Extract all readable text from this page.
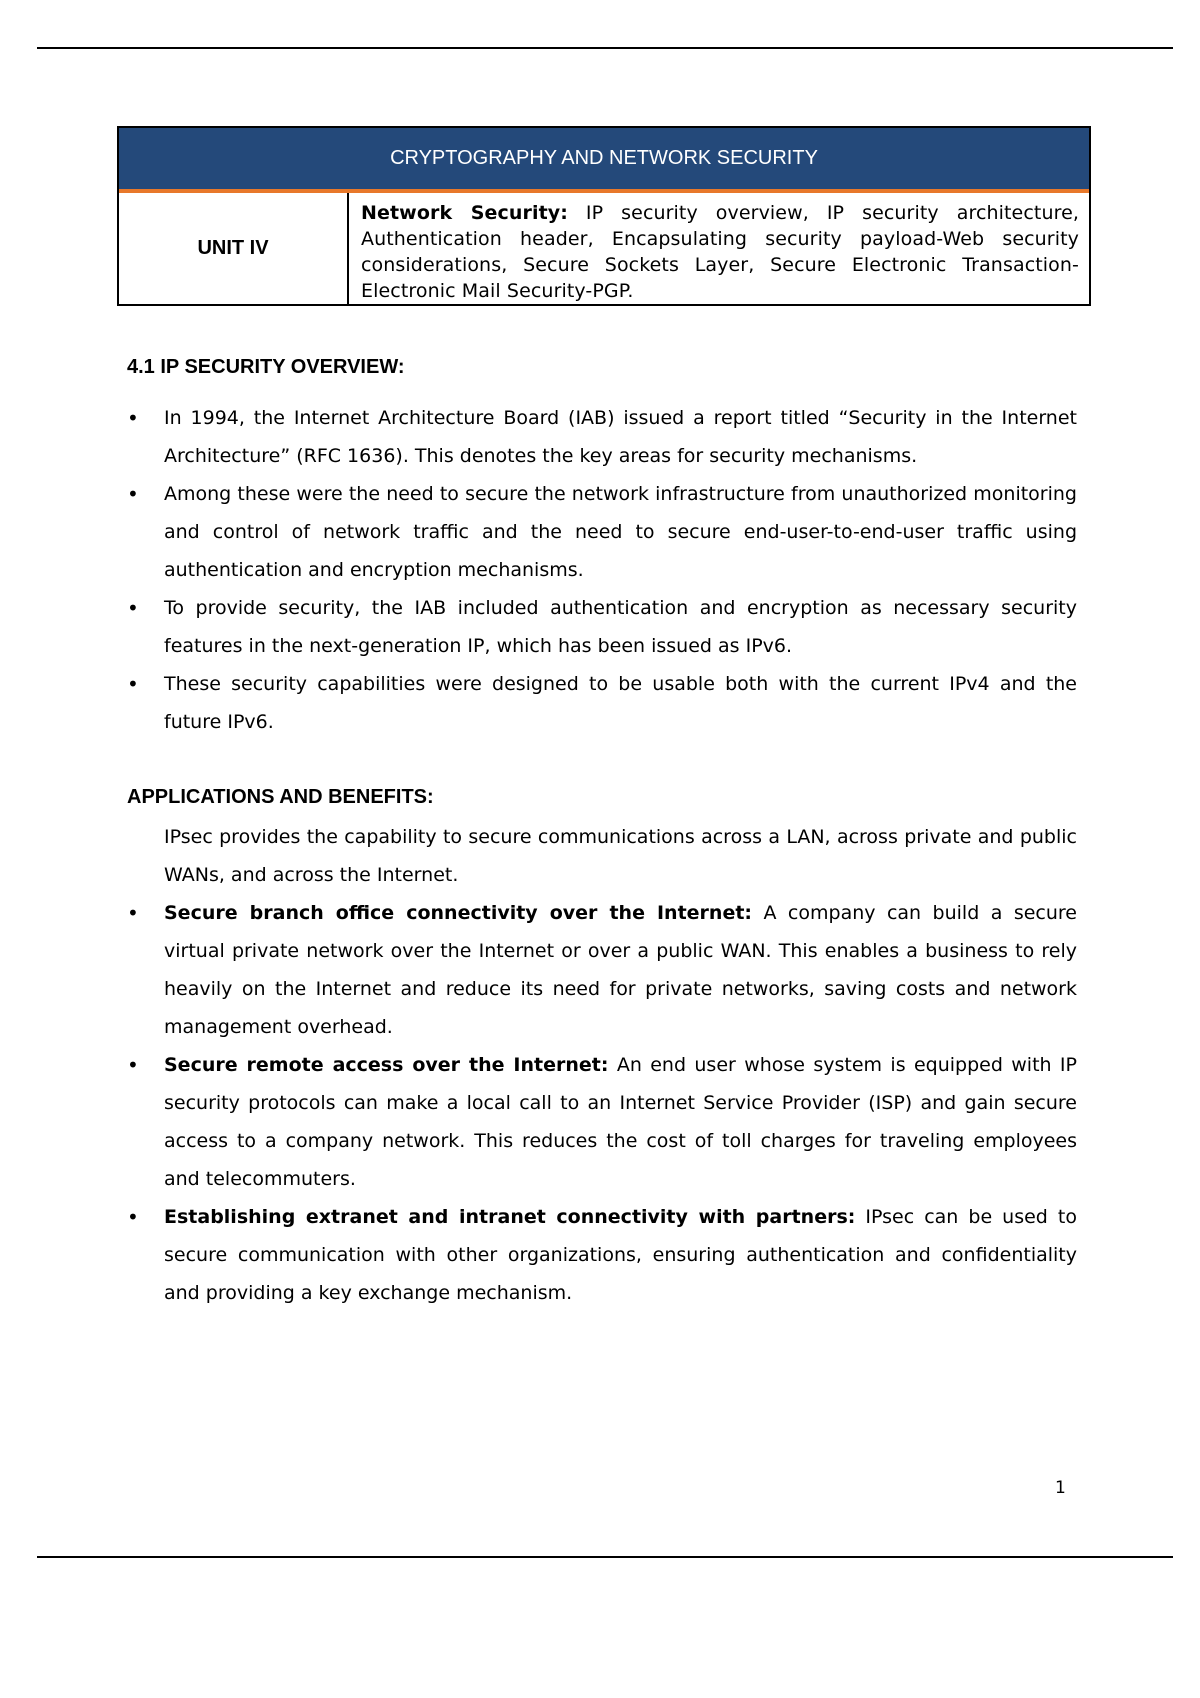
CRYPTOGRAPHY AND NETWORK SECURITY
UNIT IV
Network Security: IP security overview, IP security architecture, Authentication header, Encapsulating security payload-Web security considerations, Secure Sockets Layer, Secure Electronic Transaction-Electronic Mail Security-PGP.
4.1 IP SECURITY OVERVIEW:
• In 1994, the Internet Architecture Board (IAB) issued a report titled “Security in the Internet Architecture” (RFC 1636). This denotes the key areas for security mechanisms.
• Among these were the need to secure the network infrastructure from unauthorized monitoring and control of network traffic and the need to secure end-user-to-end-user traffic using authentication and encryption mechanisms.
• To provide security, the IAB included authentication and encryption as necessary security features in the next-generation IP, which has been issued as IPv6.
• These security capabilities were designed to be usable both with the current IPv4 and the future IPv6.
APPLICATIONS AND BENEFITS:
IPsec provides the capability to secure communications across a LAN, across private and public WANs, and across the Internet.
• Secure branch office connectivity over the Internet: A company can build a secure virtual private network over the Internet or over a public WAN. This enables a business to rely heavily on the Internet and reduce its need for private networks, saving costs and network management overhead.
• Secure remote access over the Internet: An end user whose system is equipped with IP security protocols can make a local call to an Internet Service Provider (ISP) and gain secure access to a company network. This reduces the cost of toll charges for traveling employees and telecommuters.
• Establishing extranet and intranet connectivity with partners: IPsec can be used to secure communication with other organizations, ensuring authentication and confidentiality and providing a key exchange mechanism.
1
